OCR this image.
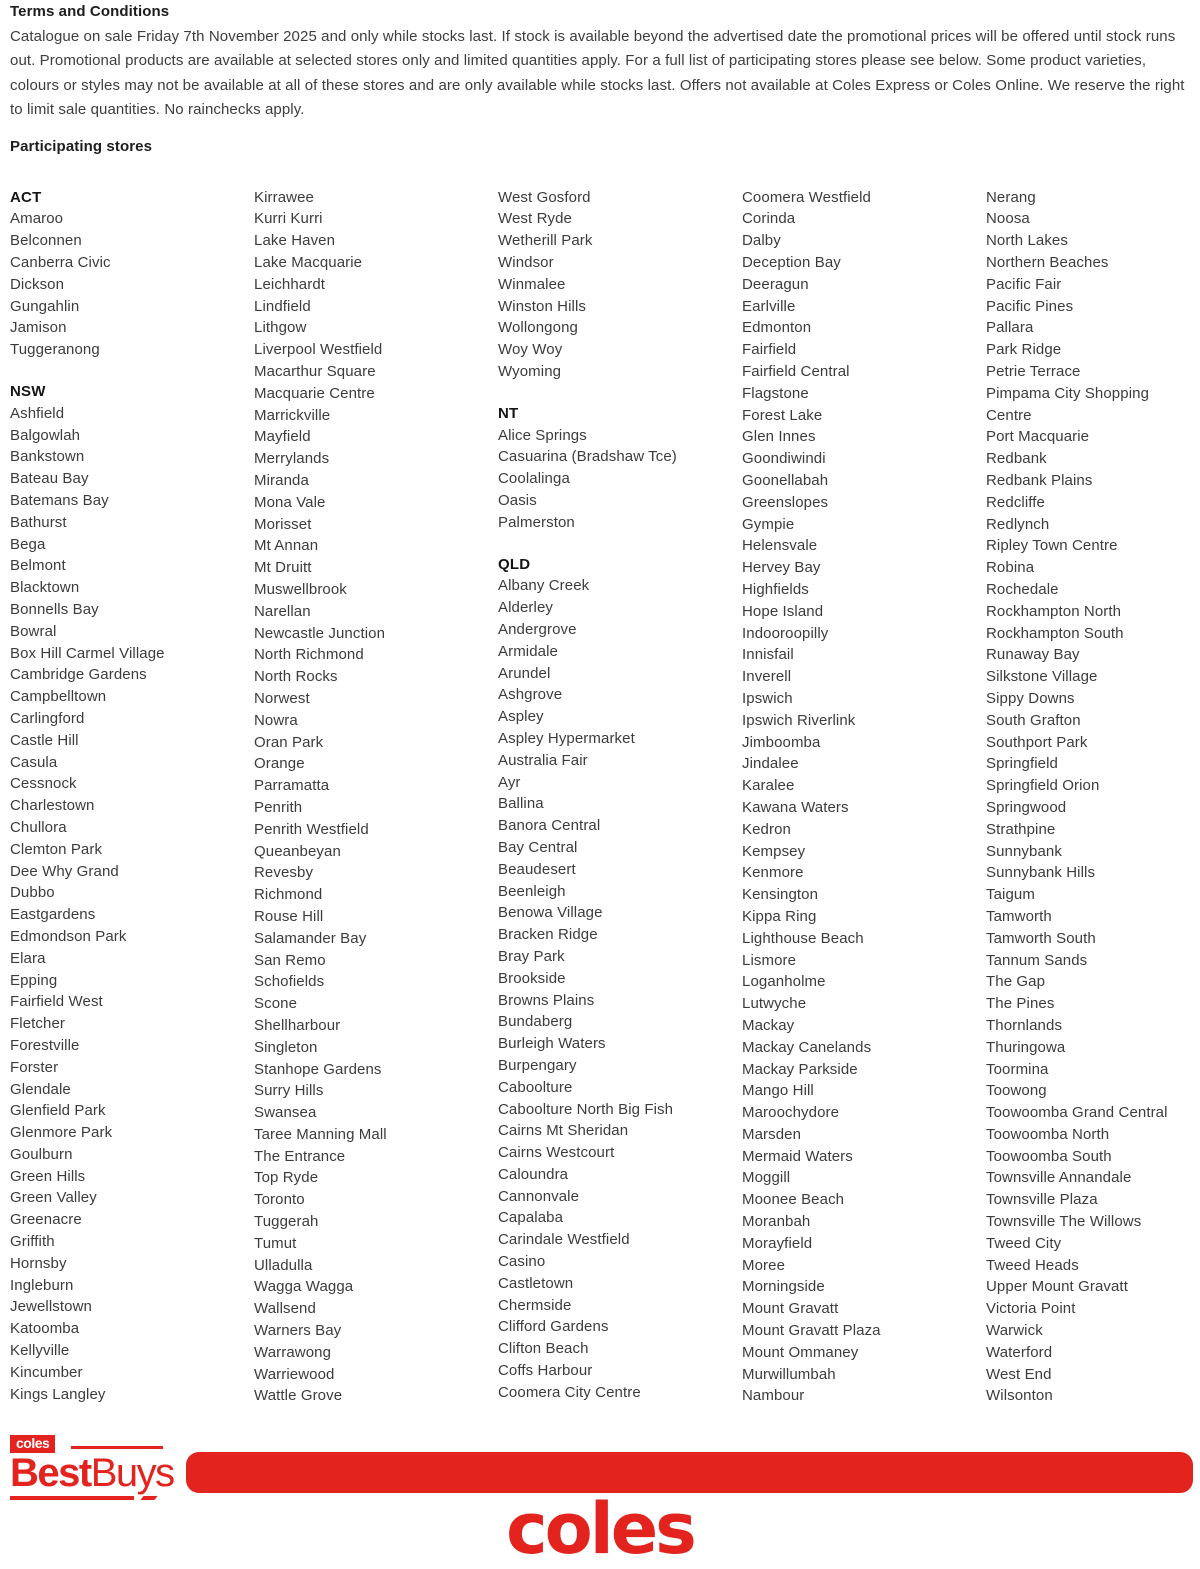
Terms and Conditions
Catalogue on sale Friday 7th November 2025 and only while stocks last. If stock is available beyond the advertised date the promotional prices will be offered until stock runs out. Promotional products are available at selected stores only and limited quantities apply. For a full list of participating stores please see below. Some product varieties, colours or styles may not be available at all of these stores and are only available while stocks last. Offers not available at Coles Express or Coles Online. We reserve the right to limit sale quantities. No rainchecks apply.
Participating stores
ACT
Amaroo
Belconnen
Canberra Civic
Dickson
Gungahlin
Jamison
Tuggeranong
NSW
Ashfield
Balgowlah
Bankstown
Bateau Bay
Batemans Bay
Bathurst
Bega
Belmont
Blacktown
Bonnells Bay
Bowral
Box Hill Carmel Village
Cambridge Gardens
Campbelltown
Carlingford
Castle Hill
Casula
Cessnock
Charlestown
Chullora
Clemton Park
Dee Why Grand
Dubbo
Eastgardens
Edmondson Park
Elara
Epping
Fairfield West
Fletcher
Forestville
Forster
Glendale
Glenfield Park
Glenmore Park
Goulburn
Green Hills
Green Valley
Greenacre
Griffith
Hornsby
Ingleburn
Jewellstown
Katoomba
Kellyville
Kincumber
Kings Langley
Kirrawee
Kurri Kurri
Lake Haven
Lake Macquarie
Leichhardt
Lindfield
Lithgow
Liverpool Westfield
Macarthur Square
Macquarie Centre
Marrickville
Mayfield
Merrylands
Miranda
Mona Vale
Morisset
Mt Annan
Mt Druitt
Muswellbrook
Narellan
Newcastle Junction
North Richmond
North Rocks
Norwest
Nowra
Oran Park
Orange
Parramatta
Penrith
Penrith Westfield
Queanbeyan
Revesby
Richmond
Rouse Hill
Salamander Bay
San Remo
Schofields
Scone
Shellharbour
Singleton
Stanhope Gardens
Surry Hills
Swansea
Taree Manning Mall
The Entrance
Top Ryde
Toronto
Tuggerah
Tumut
Ulladulla
Wagga Wagga
Wallsend
Warners Bay
Warrawong
Warriewood
Wattle Grove
West Gosford
West Ryde
Wetherill Park
Windsor
Winmalee
Winston Hills
Wollongong
Woy Woy
Wyoming
NT
Alice Springs
Casuarina (Bradshaw Tce)
Coolalinga
Oasis
Palmerston
QLD
Albany Creek
Alderley
Andergrove
Armidale
Arundel
Ashgrove
Aspley
Aspley Hypermarket
Australia Fair
Ayr
Ballina
Banora Central
Bay Central
Beaudesert
Beenleigh
Benowa Village
Bracken Ridge
Bray Park
Brookside
Browns Plains
Bundaberg
Burleigh Waters
Burpengary
Caboolture
Caboolture North Big Fish
Cairns Mt Sheridan
Cairns Westcourt
Caloundra
Cannonvale
Capalaba
Carindale Westfield
Casino
Castletown
Chermside
Clifford Gardens
Clifton Beach
Coffs Harbour
Coomera City Centre
Coomera Westfield
Corinda
Dalby
Deception Bay
Deeragun
Earlville
Edmonton
Fairfield
Fairfield Central
Flagstone
Forest Lake
Glen Innes
Goondiwindi
Goonellabah
Greenslopes
Gympie
Helensvale
Hervey Bay
Highfields
Hope Island
Indooroopilly
Innisfail
Inverell
Ipswich
Ipswich Riverlink
Jimboomba
Jindalee
Karalee
Kawana Waters
Kedron
Kempsey
Kenmore
Kensington
Kippa Ring
Lighthouse Beach
Lismore
Loganholme
Lutwyche
Mackay
Mackay Canelands
Mackay Parkside
Mango Hill
Maroochydore
Marsden
Mermaid Waters
Moggill
Moonee Beach
Moranbah
Morayfield
Moree
Morningside
Mount Gravatt
Mount Gravatt Plaza
Mount Ommaney
Murwillumbah
Nambour
Nerang
Noosa
North Lakes
Northern Beaches
Pacific Fair
Pacific Pines
Pallara
Park Ridge
Petrie Terrace
Pimpama City Shopping Centre
Port Macquarie
Redbank
Redbank Plains
Redcliffe
Redlynch
Ripley Town Centre
Robina
Rochedale
Rockhampton North
Rockhampton South
Runaway Bay
Silkstone Village
Sippy Downs
South Grafton
Southport Park
Springfield
Springfield Orion
Springwood
Strathpine
Sunnybank
Sunnybank Hills
Taigum
Tamworth
Tamworth South
Tannum Sands
The Gap
The Pines
Thornlands
Thuringowa
Toormina
Toowong
Toowoomba Grand Central
Toowoomba North
Toowoomba South
Townsville Annandale
Townsville Plaza
Townsville The Willows
Tweed City
Tweed Heads
Upper Mount Gravatt
Victoria Point
Warwick
Waterford
West End
Wilsonton
coles
BestBuys
coles
